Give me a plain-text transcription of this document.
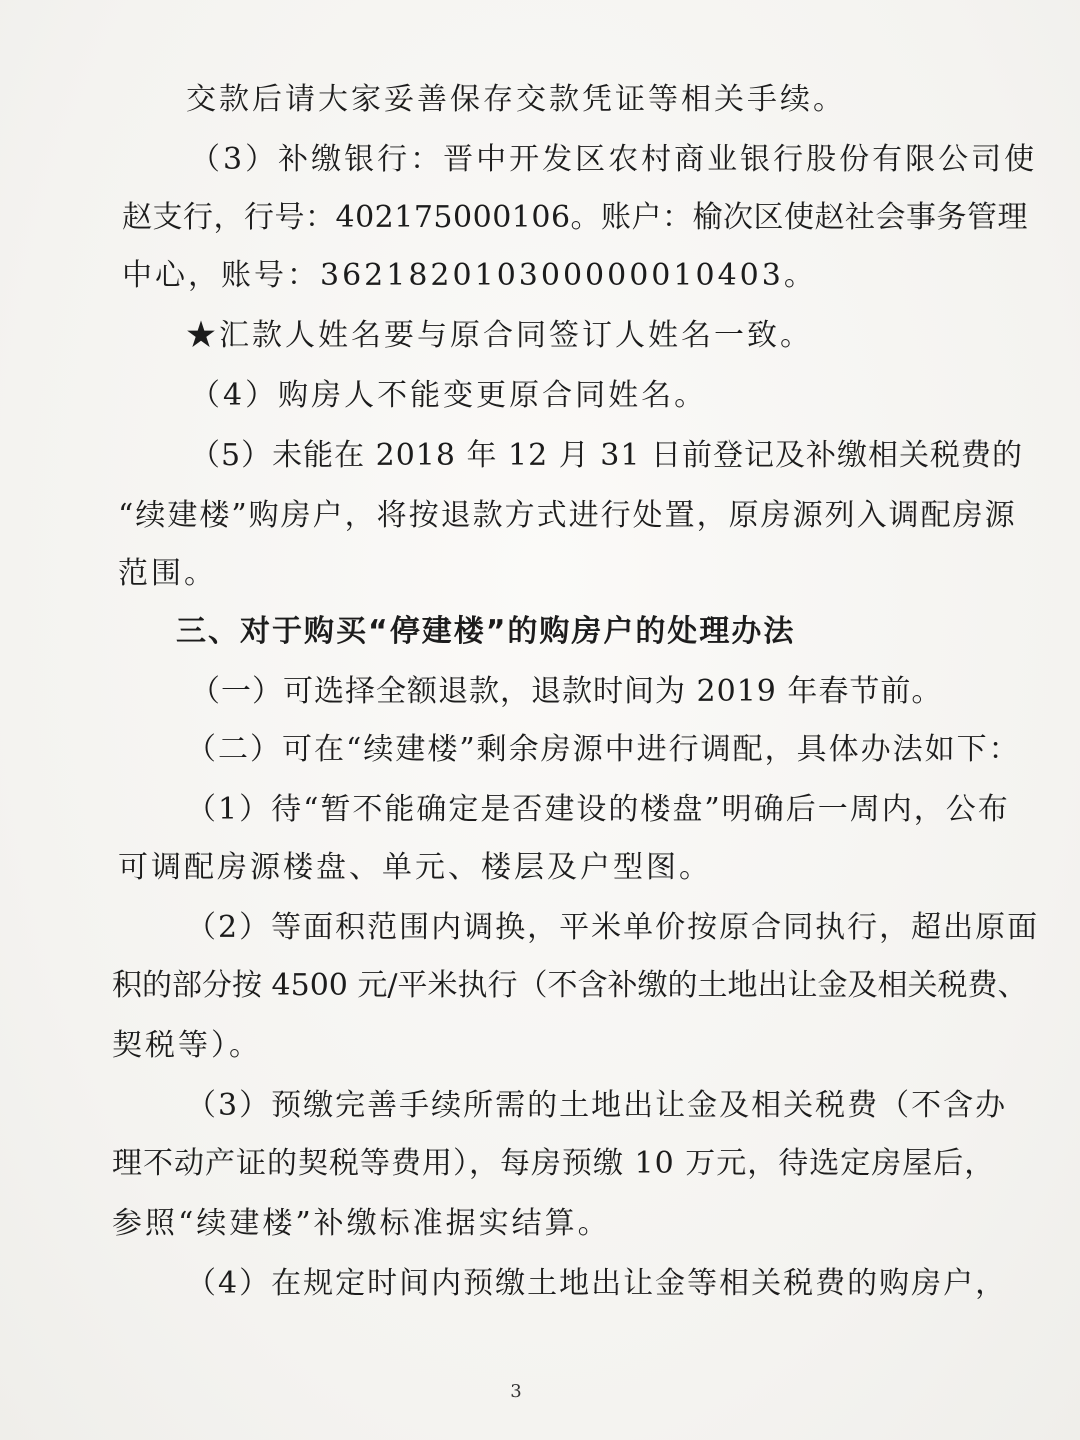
交款后请大家妥善保存交款凭证等相关手续。
（3）补缴银行：晋中开发区农村商业银行股份有限公司使
赵支行，行号：402175000106。账户：榆次区使赵社会事务管理
中心，账号：362182010300000010403。
★汇款人姓名要与原合同签订人姓名一致。
（4）购房人不能变更原合同姓名。
（5）未能在 2018 年 12 月 31 日前登记及补缴相关税费的
“续建楼”购房户，将按退款方式进行处置，原房源列入调配房源
范围。
三、对于购买“停建楼”的购房户的处理办法
（一）可选择全额退款，退款时间为 2019 年春节前。
（二）可在“续建楼”剩余房源中进行调配，具体办法如下：
（1）待“暂不能确定是否建设的楼盘”明确后一周内，公布
可调配房源楼盘、单元、楼层及户型图。
（2）等面积范围内调换，平米单价按原合同执行，超出原面
积的部分按 4500 元/平米执行（不含补缴的土地出让金及相关税费、
契税等）。
（3）预缴完善手续所需的土地出让金及相关税费（不含办
理不动产证的契税等费用），每房预缴 10 万元，待选定房屋后，
参照“续建楼”补缴标准据实结算。
（4）在规定时间内预缴土地出让金等相关税费的购房户，
3
